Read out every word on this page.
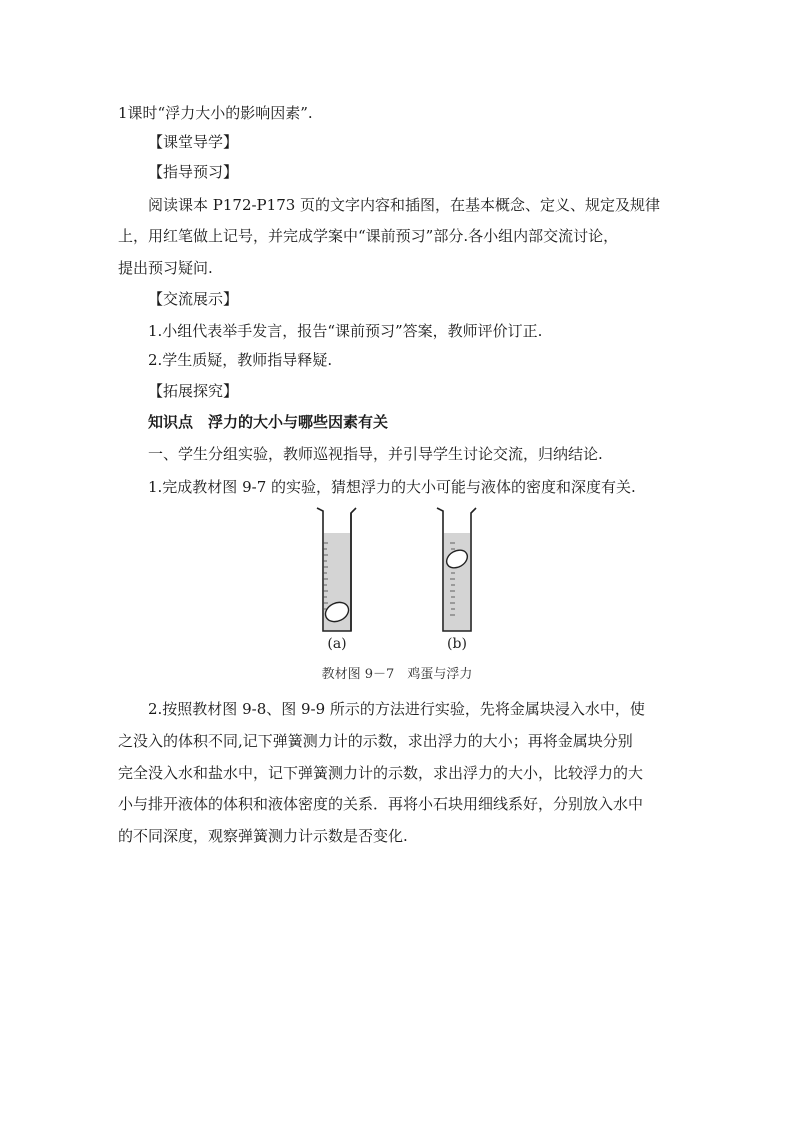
1课时“浮力大小的影响因素”.
【课堂导学】
【指导预习】
阅读课本 P172-P173 页的文字内容和插图，在基本概念、定义、规定及规律
上，用红笔做上记号，并完成学案中“课前预习”部分.各小组内部交流讨论，
提出预习疑问.
【交流展示】
1.小组代表举手发言，报告“课前预习”答案，教师评价订正.
2.学生质疑，教师指导释疑.
【拓展探究】
知识点　浮力的大小与哪些因素有关
一、学生分组实验，教师巡视指导，并引导学生讨论交流，归纳结论.
1.完成教材图 9-7 的实验，猜想浮力的大小可能与液体的密度和深度有关.
(a)	(b)
教材图 9－7　鸡蛋与浮力
2.按照教材图 9-8、图 9-9 所示的方法进行实验，先将金属块浸入水中，使
之没入的体积不同,记下弹簧测力计的示数，求出浮力的大小；再将金属块分别
完全没入水和盐水中，记下弹簧测力计的示数，求出浮力的大小，比较浮力的大
小与排开液体的体积和液体密度的关系．再将小石块用细线系好，分别放入水中
的不同深度，观察弹簧测力计示数是否变化.
